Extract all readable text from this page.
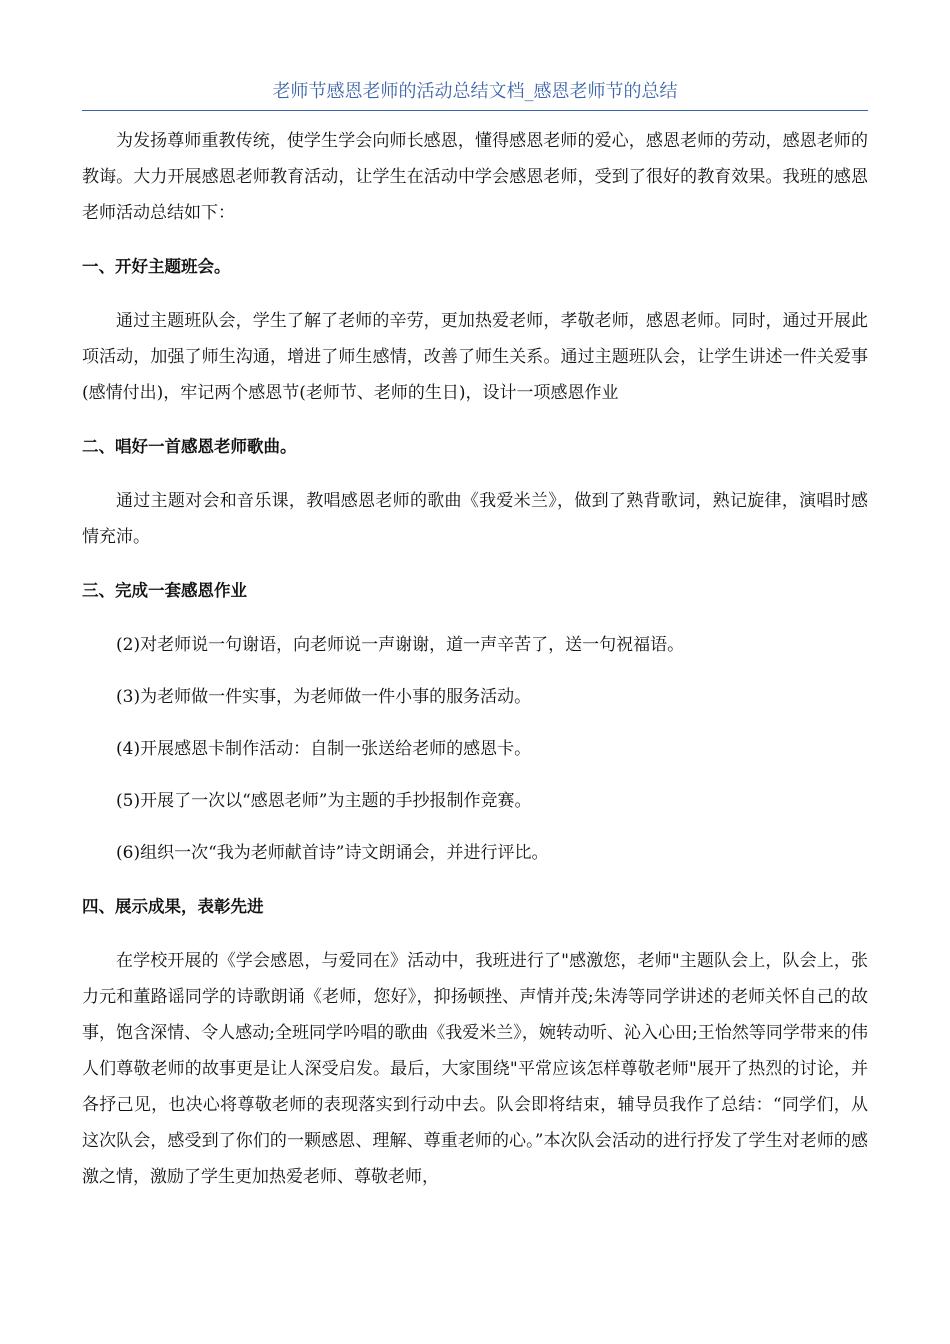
老师节感恩老师的活动总结文档_感恩老师节的总结

为发扬尊师重教传统，使学生学会向师长感恩，懂得感恩老师的爱心，感恩老师的劳动，感恩老师的教诲。大力开展感恩老师教育活动，让学生在活动中学会感恩老师，受到了很好的教育效果。我班的感恩老师活动总结如下：

一、开好主题班会。

通过主题班队会，学生了解了老师的辛劳，更加热爱老师，孝敬老师，感恩老师。同时，通过开展此项活动，加强了师生沟通，增进了师生感情，改善了师生关系。通过主题班队会，让学生讲述一件关爱事(感情付出)，牢记两个感恩节(老师节、老师的生日)，设计一项感恩作业

二、唱好一首感恩老师歌曲。

通过主题对会和音乐课，教唱感恩老师的歌曲《我爱米兰》，做到了熟背歌词，熟记旋律，演唱时感情充沛。

三、完成一套感恩作业

(2)对老师说一句谢语，向老师说一声谢谢，道一声辛苦了，送一句祝福语。

(3)为老师做一件实事，为老师做一件小事的服务活动。

(4)开展感恩卡制作活动：自制一张送给老师的感恩卡。

(5)开展了一次以“感恩老师”为主题的手抄报制作竞赛。

(6)组织一次“我为老师献首诗”诗文朗诵会，并进行评比。

四、展示成果，表彰先进

在学校开展的《学会感恩，与爱同在》活动中，我班进行了"感激您，老师"主题队会上，队会上，张力元和董路谣同学的诗歌朗诵《老师，您好》，抑扬顿挫、声情并茂;朱涛等同学讲述的老师关怀自己的故事，饱含深情、令人感动;全班同学吟唱的歌曲《我爱米兰》，婉转动听、沁入心田;王怡然等同学带来的伟人们尊敬老师的故事更是让人深受启发。最后，大家围绕"平常应该怎样尊敬老师"展开了热烈的讨论，并各抒己见，也决心将尊敬老师的表现落实到行动中去。队会即将结束，辅导员我作了总结：“同学们，从这次队会，感受到了你们的一颗感恩、理解、尊重老师的心。”本次队会活动的进行抒发了学生对老师的感激之情，激励了学生更加热爱老师、尊敬老师，
